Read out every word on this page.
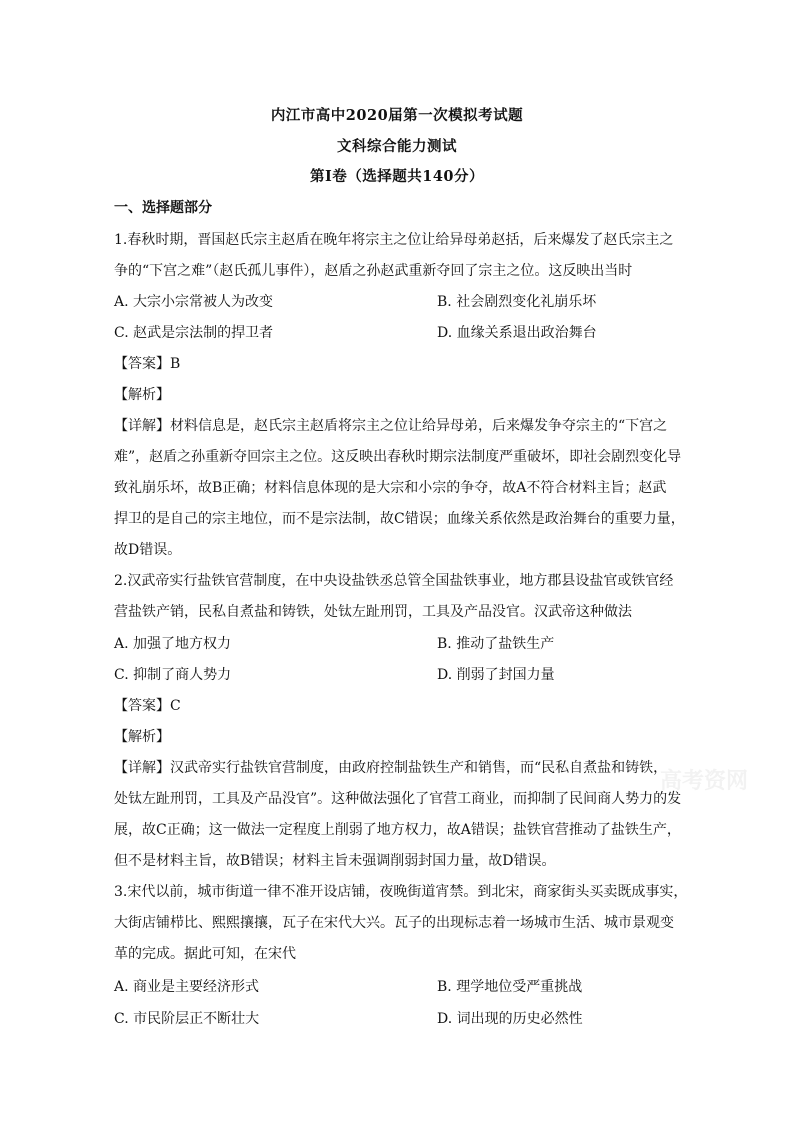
内江市高中2020届第一次模拟考试题
文科综合能力测试
第I卷（选择题共140分）
一、选择题部分
1.春秋时期，晋国赵氏宗主赵盾在晚年将宗主之位让给异母弟赵括，后来爆发了赵氏宗主之
争的“下宫之难”（赵氏孤儿事件），赵盾之孙赵武重新夺回了宗主之位。这反映出当时
A. 大宗小宗常被人为改变	B. 社会剧烈变化礼崩乐坏
C. 赵武是宗法制的捍卫者	D. 血缘关系退出政治舞台
【答案】B
【解析】
【详解】材料信息是，赵氏宗主赵盾将宗主之位让给异母弟，后来爆发争夺宗主的“下宫之
难”，赵盾之孙重新夺回宗主之位。这反映出春秋时期宗法制度严重破坏，即社会剧烈变化导
致礼崩乐坏，故B正确；材料信息体现的是大宗和小宗的争夺，故A不符合材料主旨；赵武
捍卫的是自己的宗主地位，而不是宗法制，故C错误；血缘关系依然是政治舞台的重要力量，
故D错误。
2.汉武帝实行盐铁官营制度，在中央设盐铁丞总管全国盐铁事业，地方郡县设盐官或铁官经
营盐铁产销，民私自煮盐和铸铁，处钛左趾刑罚，工具及产品没官。汉武帝这种做法
A. 加强了地方权力	B. 推动了盐铁生产
C. 抑制了商人势力	D. 削弱了封国力量
【答案】C
【解析】
【详解】汉武帝实行盐铁官营制度，由政府控制盐铁生产和销售，而“民私自煮盐和铸铁，
处钛左趾刑罚，工具及产品没官”。这种做法强化了官营工商业，而抑制了民间商人势力的发
展，故C正确；这一做法一定程度上削弱了地方权力，故A错误；盐铁官营推动了盐铁生产，
但不是材料主旨，故B错误；材料主旨未强调削弱封国力量，故D错误。
3.宋代以前，城市街道一律不准开设店铺，夜晚街道宵禁。到北宋，商家街头买卖既成事实，
大街店铺栉比、熙熙攘攘，瓦子在宋代大兴。瓦子的出现标志着一场城市生活、城市景观变
革的完成。据此可知，在宋代
A. 商业是主要经济形式	B. 理学地位受严重挑战
C. 市民阶层正不断壮大	D. 词出现的历史必然性
高考资网
